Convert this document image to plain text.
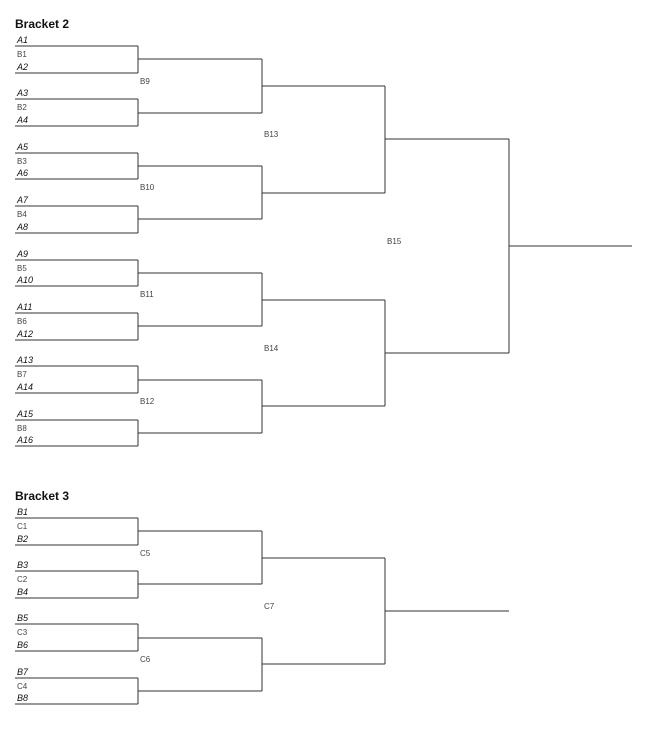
Bracket 2
A1
B1
A2
A3
B2
A4
A5
B3
A6
A7
B4
A8
A9
B5
A10
A11
B6
A12
A13
B7
A14
A15
B8
A16
B9
B10
B11
B12
B13
B14
B15
Bracket 3
B1
C1
B2
B3
C2
B4
B5
C3
B6
B7
C4
B8
C5
C6
C7
